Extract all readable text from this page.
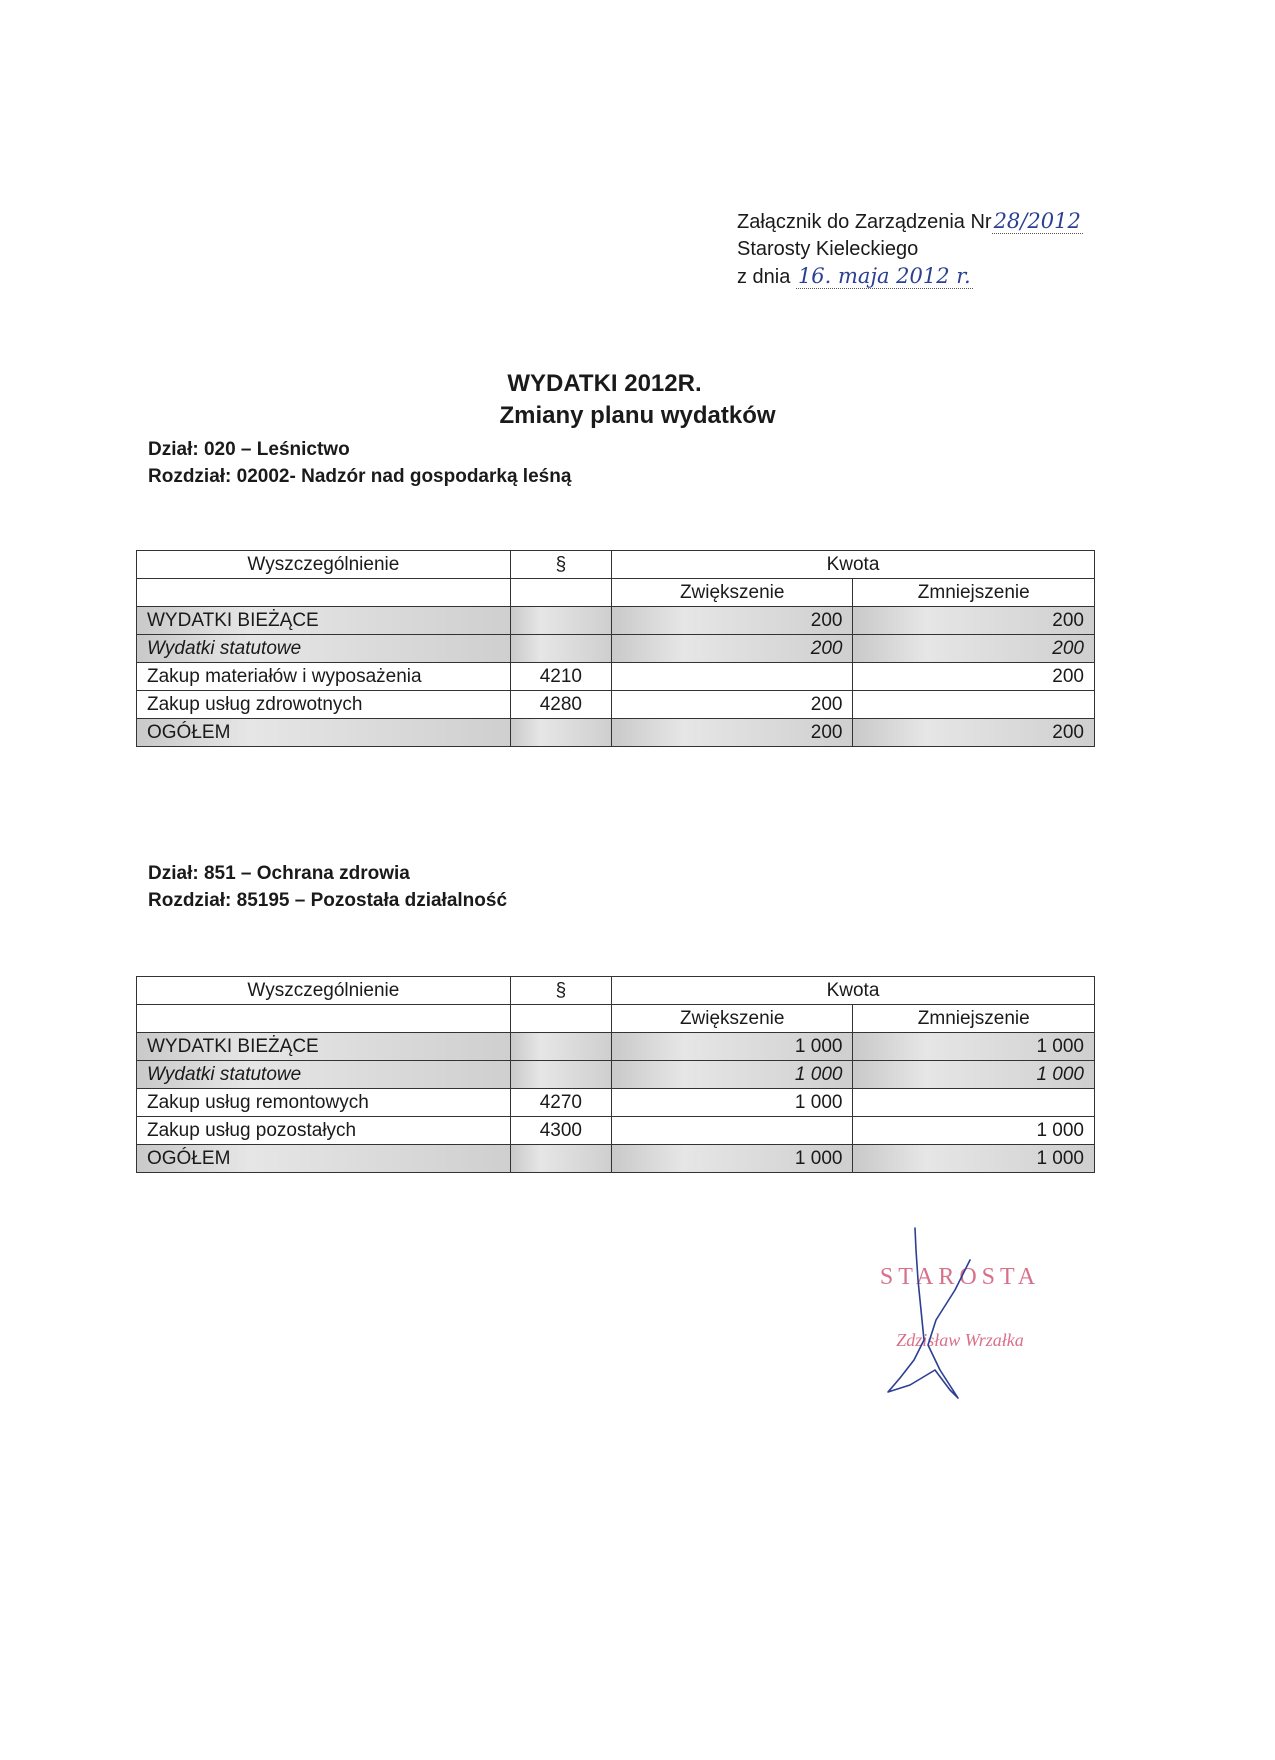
Załącznik do Zarządzenia Nr28/2012
Starosty Kieleckiego
z dnia 16. maja 2012 r.
WYDATKI 2012R.
Zmiany planu wydatków
Dział: 020 – Leśnictwo
Rozdział: 02002- Nadzór nad gospodarką leśną
Wyszczególnienie	§	Kwota	
		Zwiększenie	Zmniejszenie
WYDATKI BIEŻĄCE		200	200
Wydatki statutowe		200	200
Zakup materiałów i wyposażenia	4210		200
Zakup usług zdrowotnych	4280	200	
OGÓŁEM		200	200
Dział: 851 – Ochrana zdrowia
Rozdział: 85195 – Pozostała działalność
Wyszczególnienie	§	Kwota	
		Zwiększenie	Zmniejszenie
WYDATKI BIEŻĄCE		1 000	1 000
Wydatki statutowe		1 000	1 000
Zakup usług remontowych	4270	1 000	
Zakup usług pozostałych	4300		1 000
OGÓŁEM		1 000	1 000
STAROSTA
Zdzisław Wrzałka
